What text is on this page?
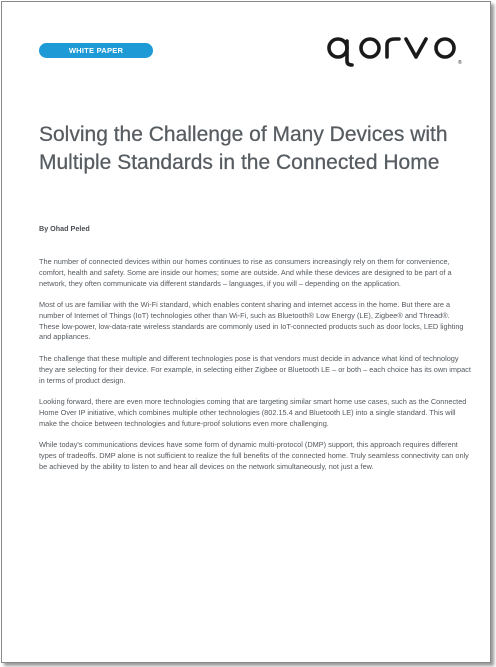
WHITE PAPER
®
Solving the Challenge of Many Devices with Multiple Standards in the Connected Home

By Ohad Peled

The number of connected devices within our homes continues to rise as consumers increasingly rely on them for convenience, comfort, health and safety. Some are inside our homes; some are outside. And while these devices are designed to be part of a network, they often communicate via different standards – languages, if you will – depending on the application.

Most of us are familiar with the Wi-Fi standard, which enables content sharing and internet access in the home. But there are a number of Internet of Things (IoT) technologies other than Wi-Fi, such as Bluetooth® Low Energy (LE), Zigbee® and Thread®. These low-power, low-data-rate wireless standards are commonly used in IoT-connected products such as door locks, LED lighting and appliances.

The challenge that these multiple and different technologies pose is that vendors must decide in advance what kind of technology they are selecting for their device. For example, in selecting either Zigbee or Bluetooth LE – or both – each choice has its own impact in terms of product design.

Looking forward, there are even more technologies coming that are targeting similar smart home use cases, such as the Connected Home Over IP initiative, which combines multiple other technologies (802.15.4 and Bluetooth LE) into a single standard. This will make the choice between technologies and future-proof solutions even more challenging.

While today's communications devices have some form of dynamic multi-protocol (DMP) support, this approach requires different types of tradeoffs. DMP alone is not sufficient to realize the full benefits of the connected home. Truly seamless connectivity can only be achieved by the ability to listen to and hear all devices on the network simultaneously, not just a few.
